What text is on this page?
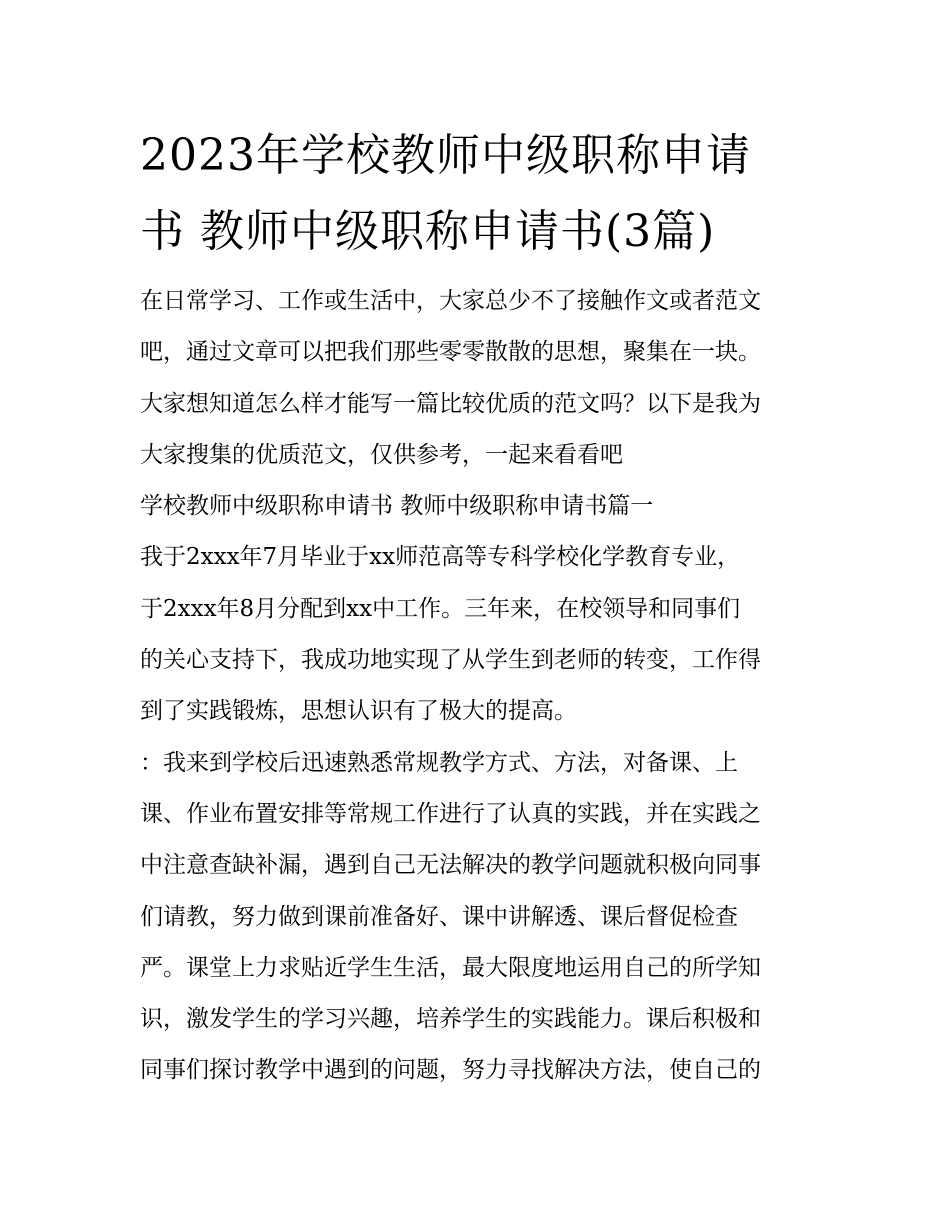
2023年学校教师中级职称申请
书 教师中级职称申请书(3篇)
在日常学习、工作或生活中，大家总少不了接触作文或者范文
吧，通过文章可以把我们那些零零散散的思想，聚集在一块。
大家想知道怎么样才能写一篇比较优质的范文吗？以下是我为
大家搜集的优质范文，仅供参考，一起来看看吧
学校教师中级职称申请书 教师中级职称申请书篇一
我于2xxx年7月毕业于xx师范高等专科学校化学教育专业，
于2xxx年8月分配到xx中工作。三年来，在校领导和同事们
的关心支持下，我成功地实现了从学生到老师的转变，工作得
到了实践锻炼，思想认识有了极大的提高。
：我来到学校后迅速熟悉常规教学方式、方法，对备课、上
课、作业布置安排等常规工作进行了认真的实践，并在实践之
中注意查缺补漏，遇到自己无法解决的教学问题就积极向同事
们请教，努力做到课前准备好、课中讲解透、课后督促检查
严。课堂上力求贴近学生生活，最大限度地运用自己的所学知
识，激发学生的学习兴趣，培养学生的实践能力。课后积极和
同事们探讨教学中遇到的问题，努力寻找解决方法，使自己的
